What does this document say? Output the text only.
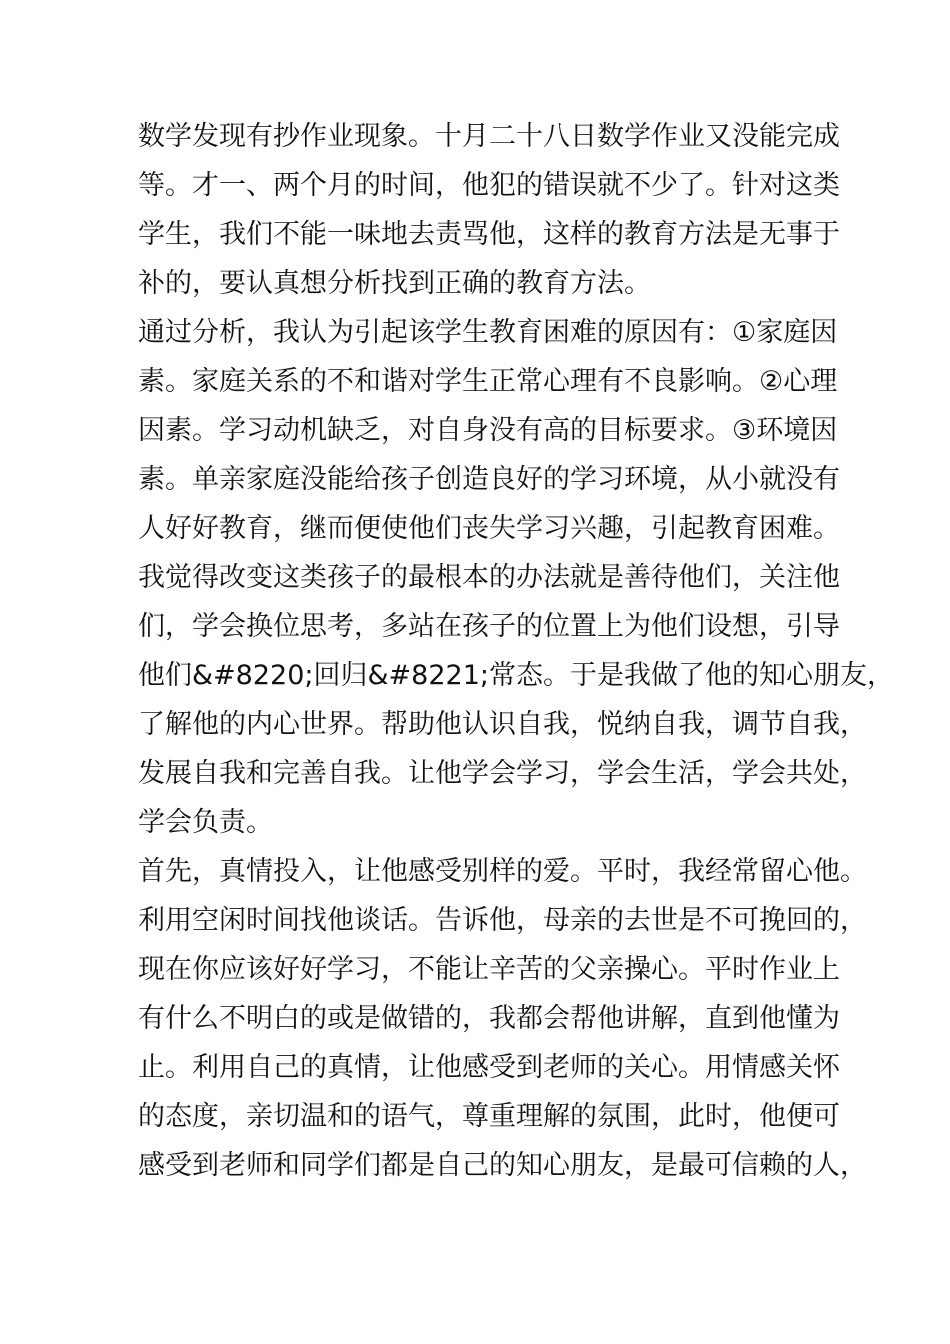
数学发现有抄作业现象。十月二十八日数学作业又没能完成
等。才一、两个月的时间，他犯的错误就不少了。针对这类
学生，我们不能一味地去责骂他，这样的教育方法是无事于
补的，要认真想分析找到正确的教育方法。
通过分析，我认为引起该学生教育困难的原因有：①家庭因
素。家庭关系的不和谐对学生正常心理有不良影响。②心理
因素。学习动机缺乏，对自身没有高的目标要求。③环境因
素。单亲家庭没能给孩子创造良好的学习环境，从小就没有
人好好教育，继而便使他们丧失学习兴趣，引起教育困难。
我觉得改变这类孩子的最根本的办法就是善待他们，关注他
们，学会换位思考，多站在孩子的位置上为他们设想，引导
他们&#8220;回归&#8221;常态。于是我做了他的知心朋友，
了解他的内心世界。帮助他认识自我，悦纳自我，调节自我，
发展自我和完善自我。让他学会学习，学会生活，学会共处，
学会负责。
首先，真情投入，让他感受别样的爱。平时，我经常留心他。
利用空闲时间找他谈话。告诉他，母亲的去世是不可挽回的，
现在你应该好好学习，不能让辛苦的父亲操心。平时作业上
有什么不明白的或是做错的，我都会帮他讲解，直到他懂为
止。利用自己的真情，让他感受到老师的关心。用情感关怀
的态度，亲切温和的语气，尊重理解的氛围，此时，他便可
感受到老师和同学们都是自己的知心朋友，是最可信赖的人，
